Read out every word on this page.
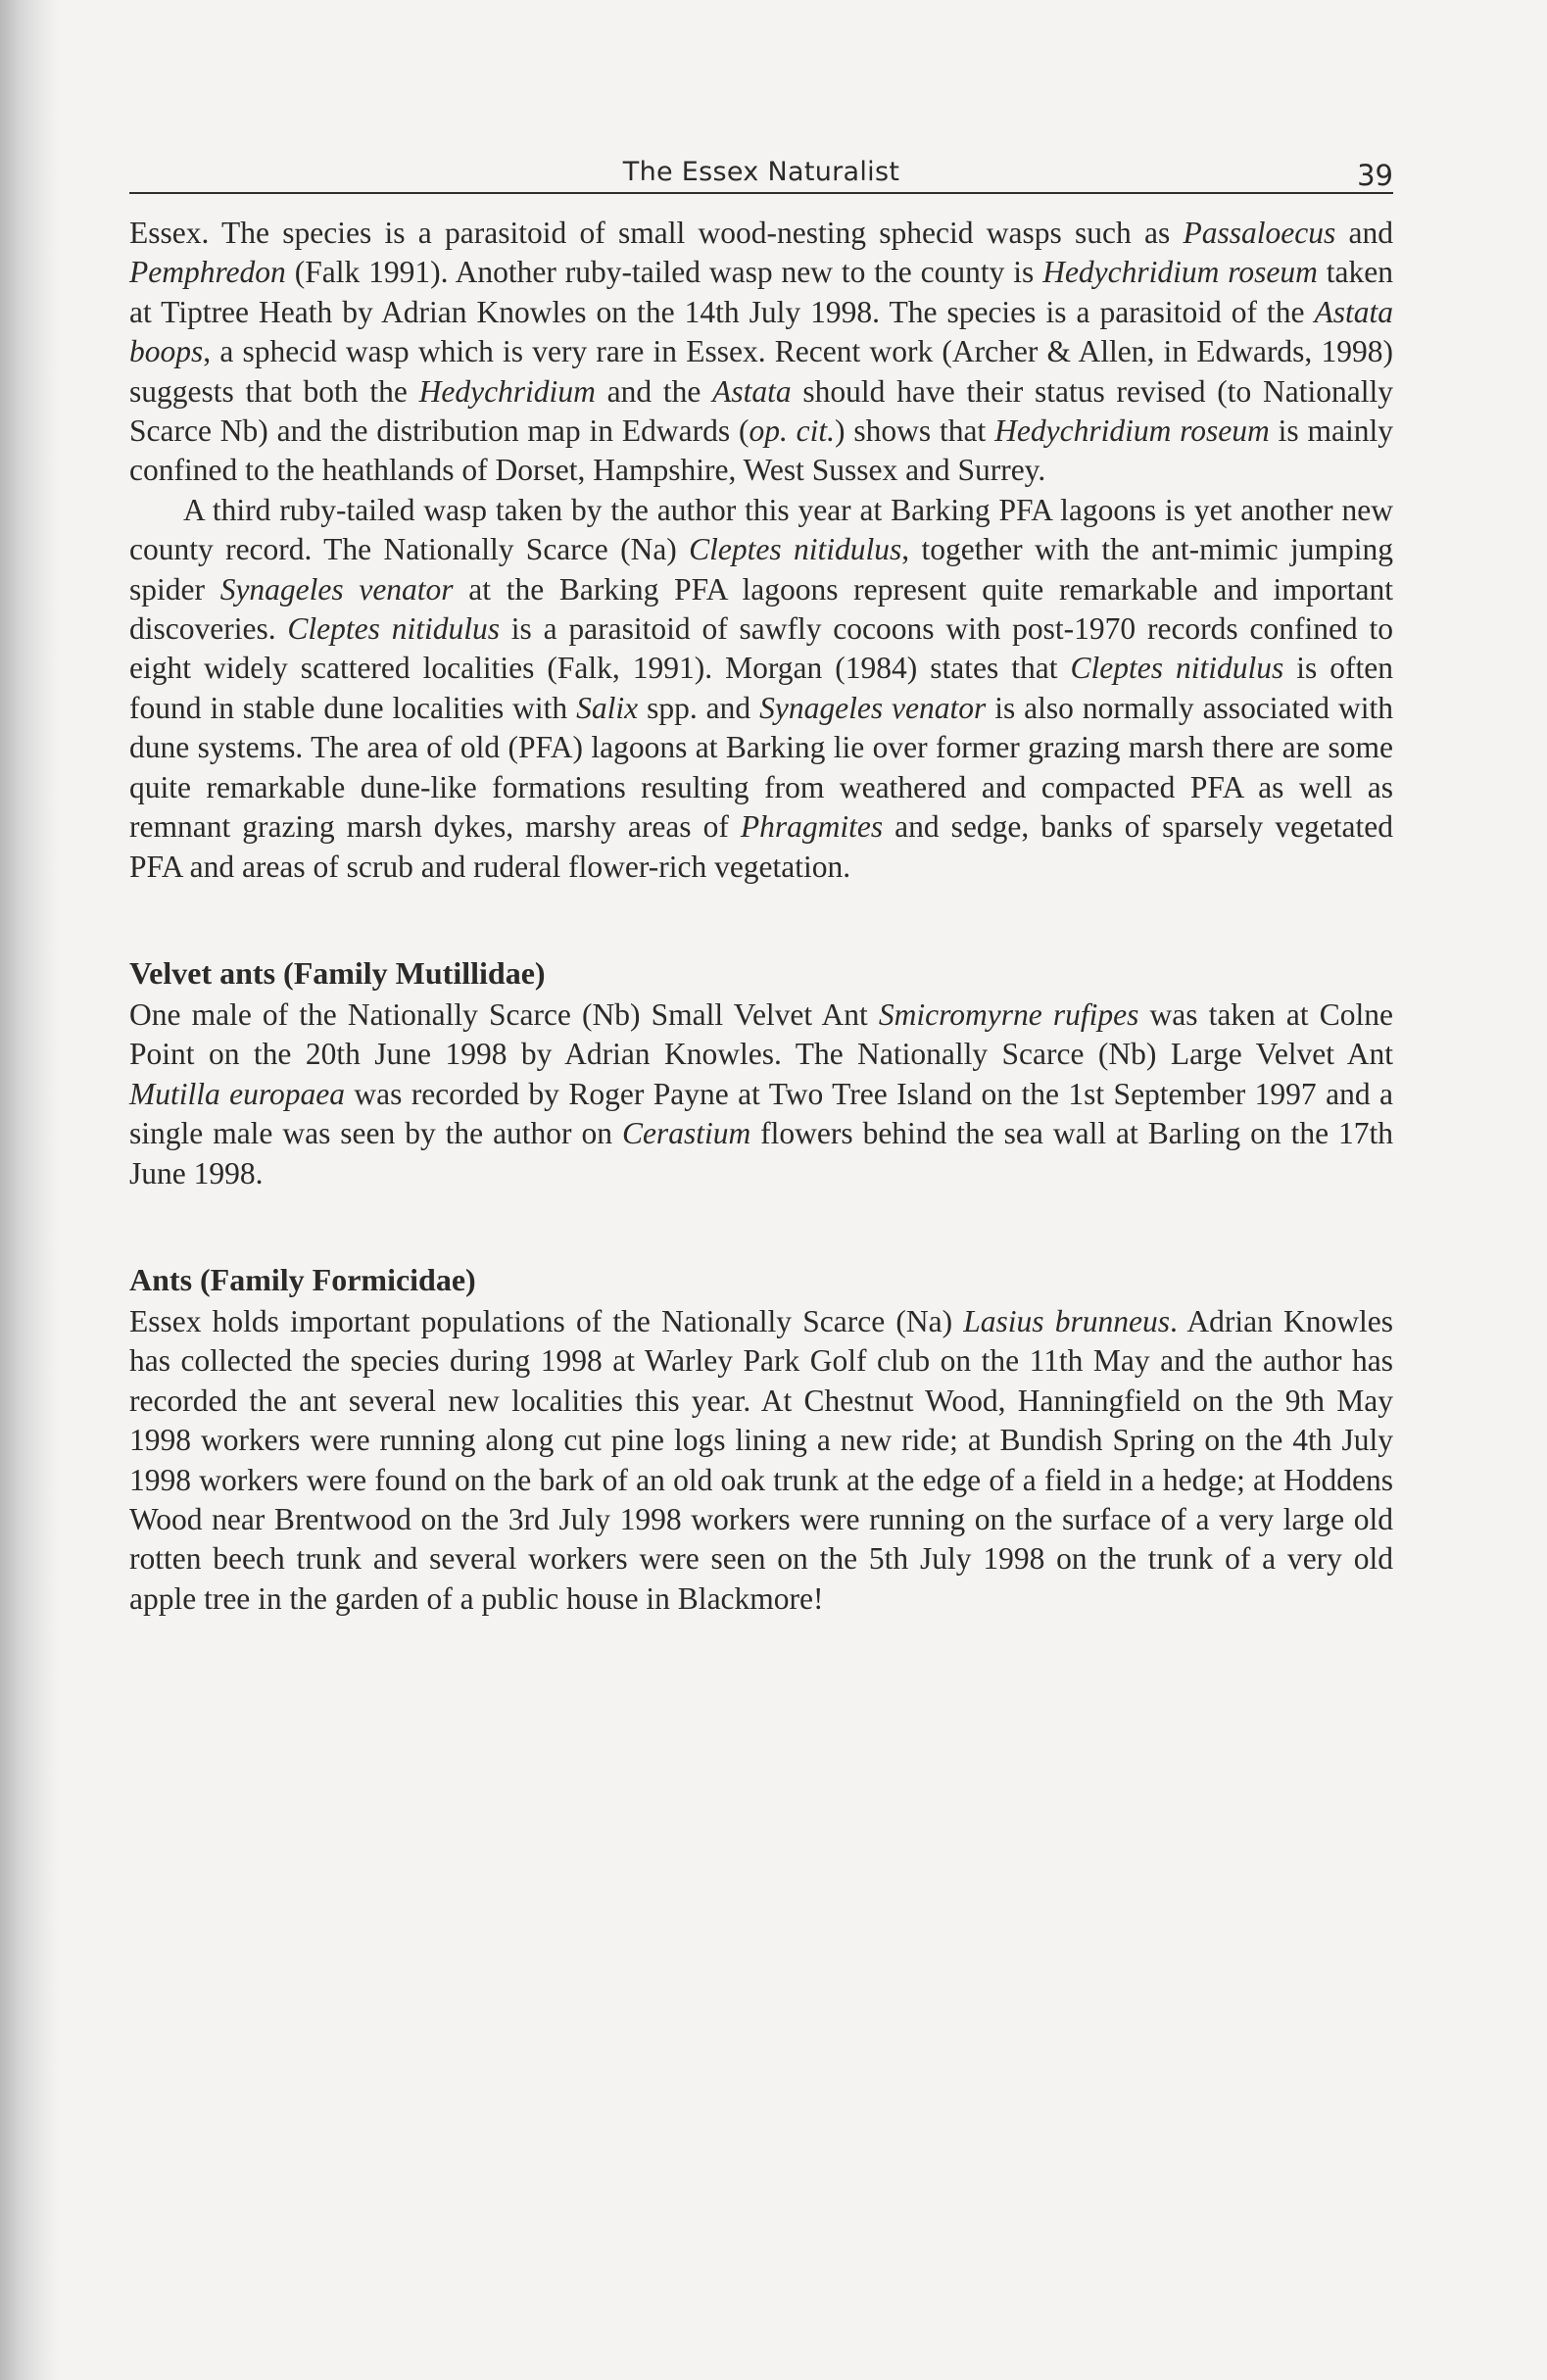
The Essex Naturalist	39

Essex. The species is a parasitoid of small wood-nesting sphecid wasps such as Passaloecus and Pemphredon (Falk 1991). Another ruby-tailed wasp new to the county is Hedychridium roseum taken at Tiptree Heath by Adrian Knowles on the 14th July 1998. The species is a parasitoid of the Astata boops, a sphecid wasp which is very rare in Essex. Recent work (Archer & Allen, in Edwards, 1998) suggests that both the Hedychridium and the Astata should have their status revised (to Nationally Scarce Nb) and the distribution map in Edwards (op. cit.) shows that Hedychridium roseum is mainly confined to the heathlands of Dorset, Hampshire, West Sussex and Surrey.

A third ruby-tailed wasp taken by the author this year at Barking PFA lagoons is yet another new county record. The Nationally Scarce (Na) Cleptes nitidulus, together with the ant-mimic jumping spider Synageles venator at the Barking PFA lagoons represent quite remarkable and important discoveries. Cleptes nitidulus is a parasitoid of sawfly cocoons with post-1970 records confined to eight widely scattered localities (Falk, 1991). Morgan (1984) states that Cleptes nitidulus is often found in stable dune localities with Salix spp. and Synageles venator is also normally associated with dune systems. The area of old (PFA) lagoons at Barking lie over former grazing marsh there are some quite remarkable dune-like formations resulting from weathered and compacted PFA as well as remnant grazing marsh dykes, marshy areas of Phragmites and sedge, banks of sparsely vegetated PFA and areas of scrub and ruderal flower-rich vegetation.

Velvet ants (Family Mutillidae)

One male of the Nationally Scarce (Nb) Small Velvet Ant Smicromyrne rufipes was taken at Colne Point on the 20th June 1998 by Adrian Knowles. The Nationally Scarce (Nb) Large Velvet Ant Mutilla europaea was recorded by Roger Payne at Two Tree Island on the 1st September 1997 and a single male was seen by the author on Cerastium flowers behind the sea wall at Barling on the 17th June 1998.

Ants (Family Formicidae)

Essex holds important populations of the Nationally Scarce (Na) Lasius brunneus. Adrian Knowles has collected the species during 1998 at Warley Park Golf club on the 11th May and the author has recorded the ant several new localities this year. At Chestnut Wood, Hanningfield on the 9th May 1998 workers were running along cut pine logs lining a new ride; at Bundish Spring on the 4th July 1998 workers were found on the bark of an old oak trunk at the edge of a field in a hedge; at Hoddens Wood near Brentwood on the 3rd July 1998 workers were running on the surface of a very large old rotten beech trunk and several workers were seen on the 5th July 1998 on the trunk of a very old apple tree in the garden of a public house in Blackmore!
